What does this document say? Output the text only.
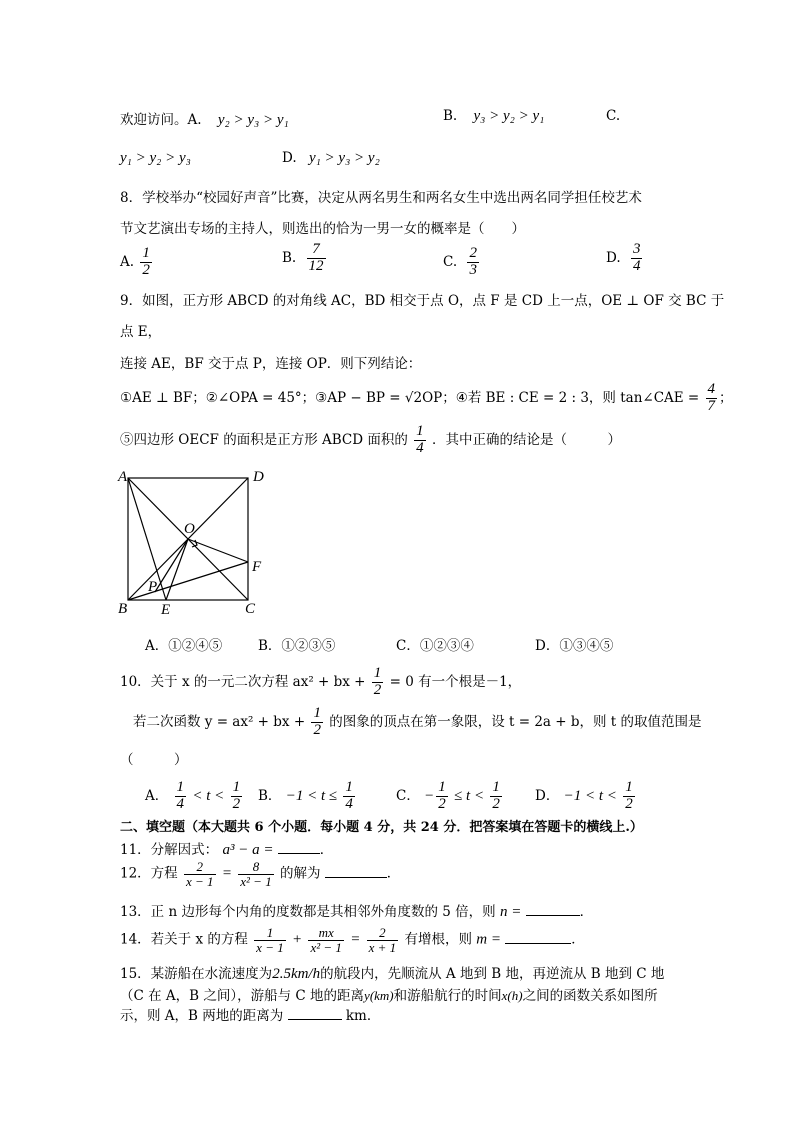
欢迎访问。A. y₂ > y₃ > y₁	B. y₃ > y₂ > y₁	C.
y₁ > y₂ > y₃	D. y₁ > y₃ > y₂
8．学校举办“校园好声音”比赛，决定从两名男生和两名女生中选出两名同学担任校艺术
节文艺演出专场的主持人，则选出的恰为一男一女的概率是（　　）
A. $\frac{1}{2}$	B. $\frac{7}{12}$	C. $\frac{2}{3}$	D. $\frac{3}{4}$
9．如图，正方形 ABCD 的对角线 AC，BD 相交于点 O，点 F 是 CD 上一点，OE ⊥ OF 交 BC 于
点 E，
连接 AE，BF 交于点 P，连接 OP．则下列结论：
①AE ⊥ BF；②∠OPA = 45°；③AP − BP = √2OP；④若 BE : CE = 2 : 3，则 tan∠CAE = $\frac{4}{7}$ ；
⑤四边形 OECF 的面积是正方形 ABCD 面积的 $\frac{1}{4}$ ．其中正确的结论是（　　　）
A	D
B	C
O
E
F
P
A．①②④⑤	B．①②③⑤	C．①②③④	D．①③④⑤
10．关于 x 的一元二次方程 ax² + bx + $\frac{1}{2} = 0$ 有一个根是－1，
若二次函数 y = ax² + bx + $\frac{1}{2}$ 的图象的顶点在第一象限，设 t = 2a + b，则 t 的取值范围是
（　　　）
A． $\frac{1}{4} < t < \frac{1}{2}$ B． $-1 < t \le \frac{1}{4}$	C． − $\frac{1}{2} \le t < \frac{1}{2}$ D． $-1 < t < \frac{1}{2}$
二、填空题（本大题共 6 个小题．每小题 4 分，共 24 分．把答案填在答题卡的横线上.）
11．分解因式： a³ − a =	．
12．方程 $\frac{2}{x - 1} = \frac{8}{\text{x² − 1}}$ 的解为	．
13．正 n 边形每个内角的度数都是其相邻外角度数的 5 倍，则 n =	．
14．若关于 x 的方程 $\frac{1}{x - 1} + \frac{mx}{\text{x² − 1}} = \frac{2}{x + 1}$ 有增根，则 m =	．
15．某游船在水流速度为2.5km/h的航段内，先顺流从 A 地到 B 地，再逆流从 B 地到 C 地
（C 在 A，B 之间），游船与 C 地的距离y(km)和游船航行的时间x(h)之间的函数关系如图所
示，则 A，B 两地的距离为	km．
